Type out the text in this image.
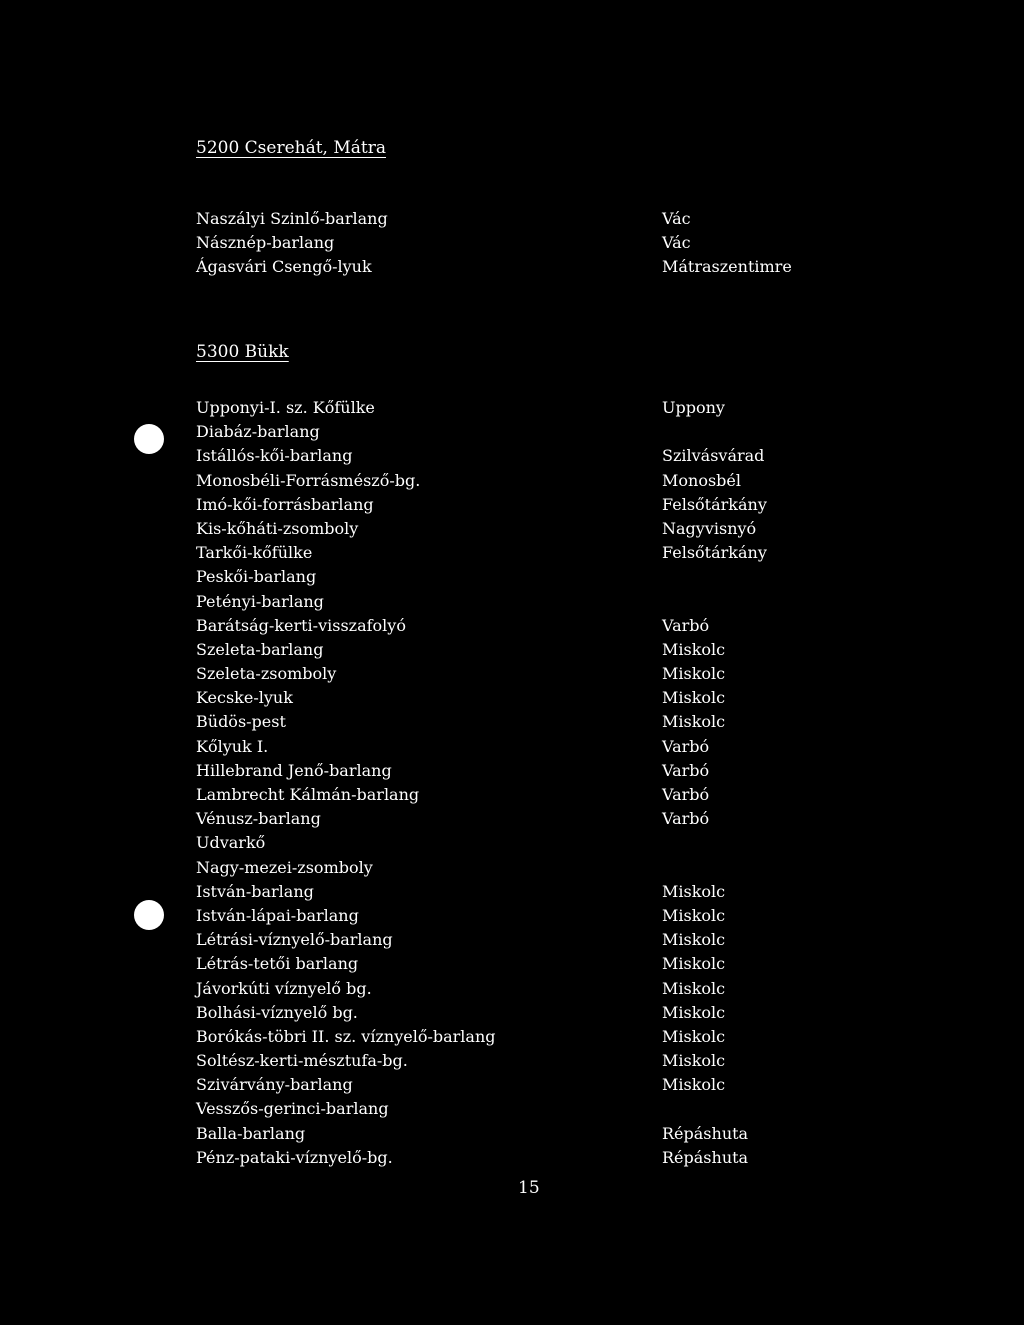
5200 Cserehát, Mátra
Naszályi Szinlő-barlang	Vác
Násznép-barlang	Vác
Ágasvári Csengő-lyuk	Mátraszentimre
5300 Bükk
Upponyi-I. sz. Kőfülke	Uppony
Diabáz-barlang
Istállós-kői-barlang	Szilvásvárad
Monosbéli-Forrásmésző-bg.	Monosbél
Imó-kői-forrásbarlang	Felsőtárkány
Kis-kőháti-zsomboly	Nagyvisnyó
Tarkői-kőfülke	Felsőtárkány
Peskői-barlang
Petényi-barlang
Barátság-kerti-visszafolyó	Varbó
Szeleta-barlang	Miskolc
Szeleta-zsomboly	Miskolc
Kecske-lyuk	Miskolc
Büdös-pest	Miskolc
Kőlyuk I.	Varbó
Hillebrand Jenő-barlang	Varbó
Lambrecht Kálmán-barlang	Varbó
Vénusz-barlang	Varbó
Udvarkő
Nagy-mezei-zsomboly
István-barlang	Miskolc
István-lápai-barlang	Miskolc
Létrási-víznyelő-barlang	Miskolc
Létrás-tetői barlang	Miskolc
Jávorkúti víznyelő bg.	Miskolc
Bolhási-víznyelő bg.	Miskolc
Borókás-töbri II. sz. víznyelő-barlang	Miskolc
Soltész-kerti-mésztufa-bg.	Miskolc
Szivárvány-barlang	Miskolc
Vesszős-gerinci-barlang
Balla-barlang	Répáshuta
Pénz-pataki-víznyelő-bg.	Répáshuta
15
